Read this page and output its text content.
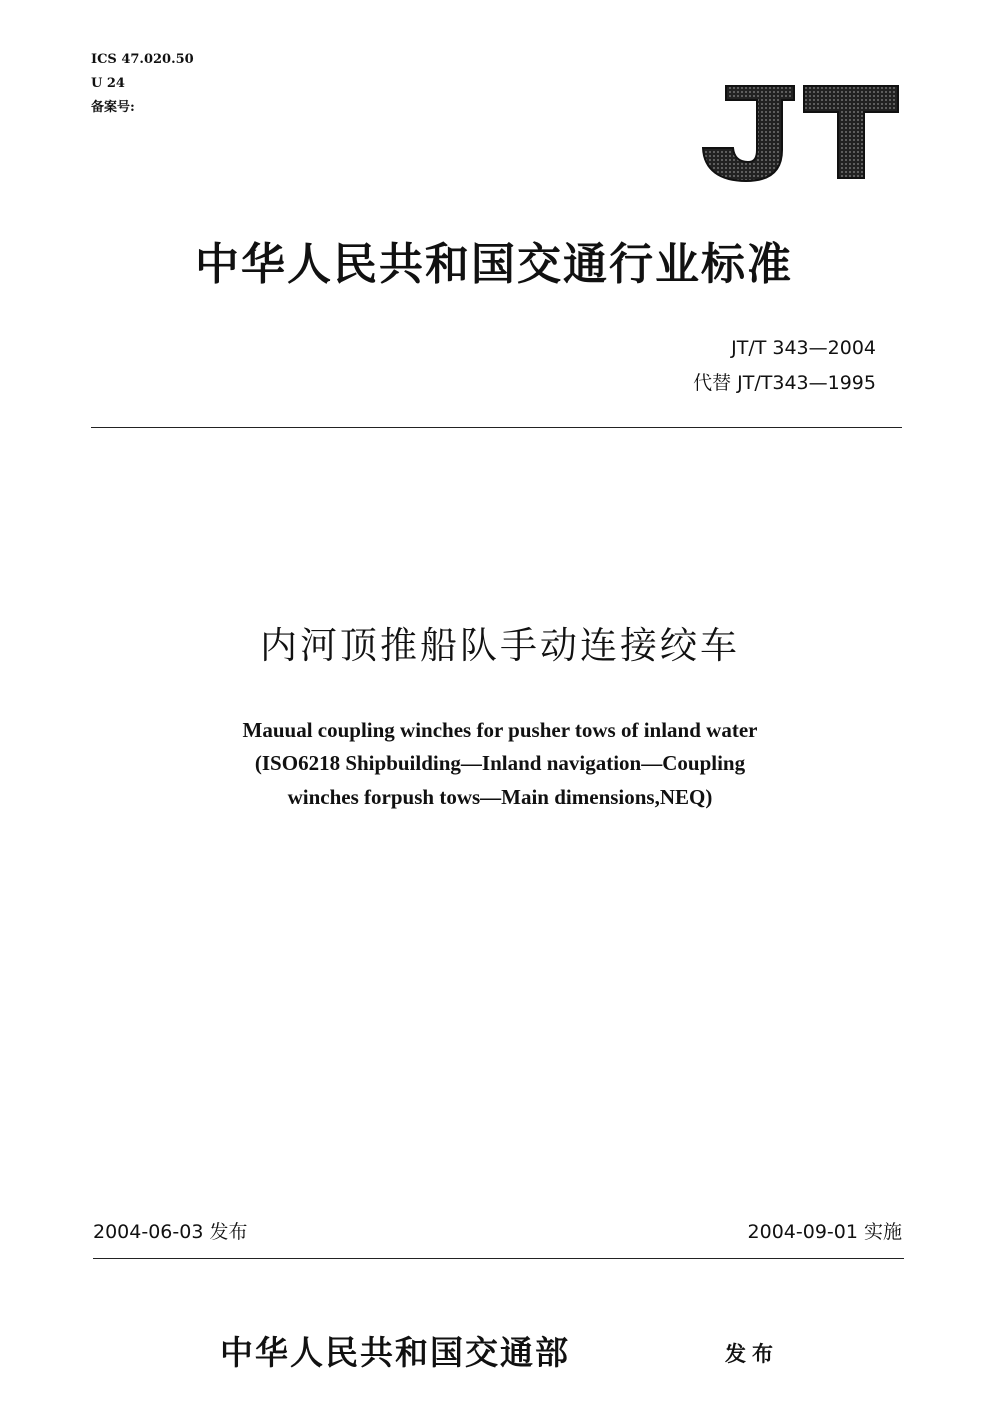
ICS 47.020.50
U 24
备案号:
JT
中华人民共和国交通行业标准
JT/T 343—2004
代替 JT/T343—1995
内河顶推船队手动连接绞车
Mauual coupling winches for pusher tows of inland water
(ISO6218 Shipbuilding—Inland navigation—Coupling
winches forpush tows—Main dimensions,NEQ)
2004-06-03 发布	2004-09-01 实施
中华人民共和国交通部	发布
